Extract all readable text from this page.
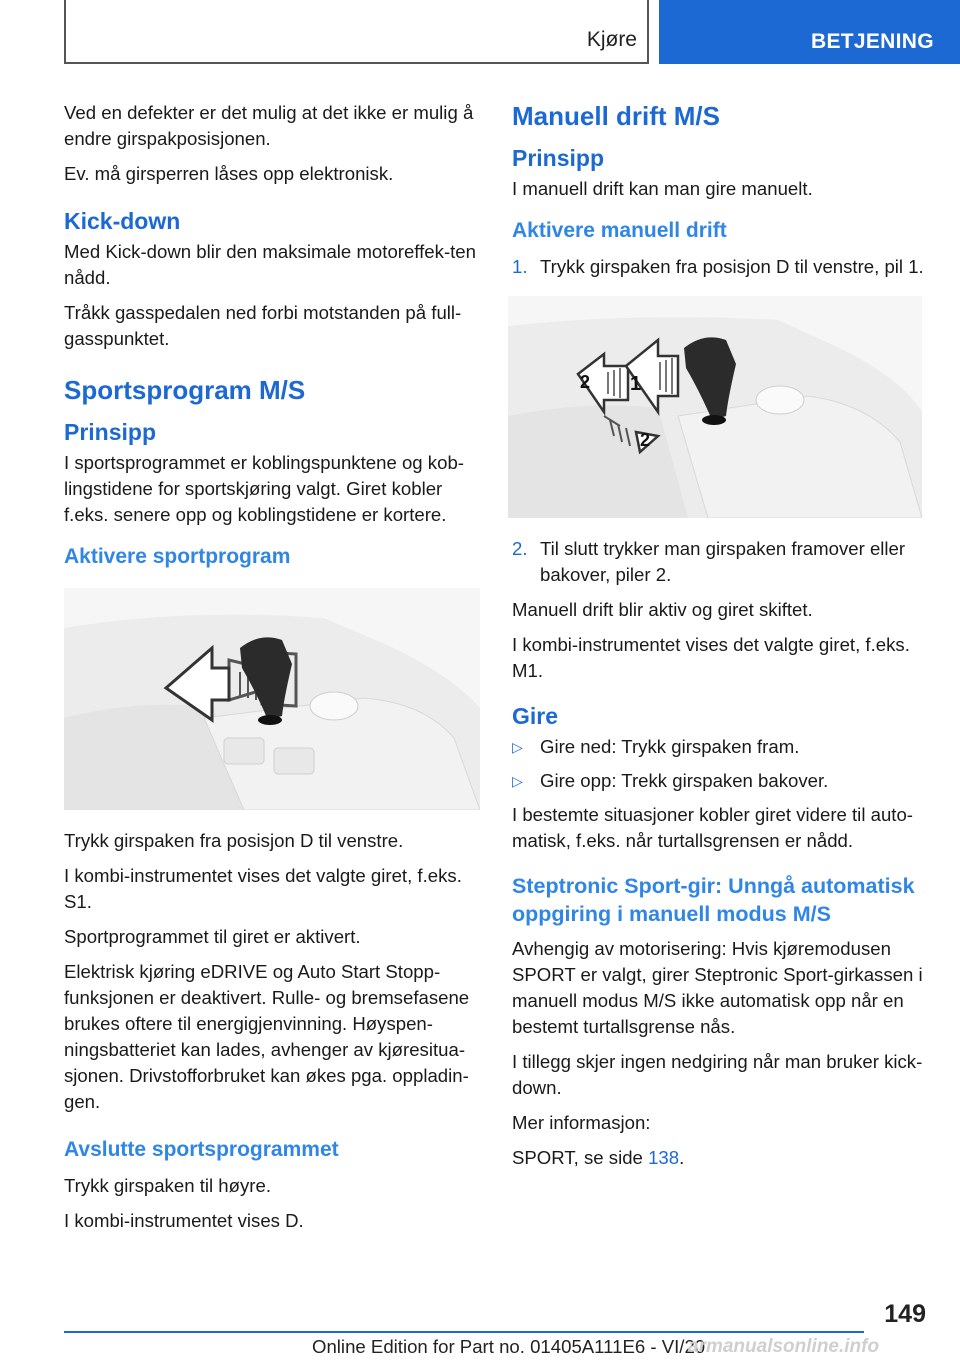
Kjøre	BETJENING

Ved en defekter er det mulig at det ikke er mulig å endre girspakposisjonen.

Ev. må girsperren låses opp elektronisk.

Kick-down

Med Kick-down blir den maksimale motoreffek‐ten nådd.

Tråkk gasspedalen ned forbi motstanden på full‐gasspunktet.

Sportsprogram M/S
Prinsipp

I sportsprogrammet er koblingspunktene og kob‐lingstidene for sportskjøring valgt. Giret kobler f.eks. senere opp og koblingstidene er kortere.

Aktivere sportprogram

Trykk girspaken fra posisjon D til venstre.

I kombi-instrumentet vises det valgte giret, f.eks. S1.

Sportprogrammet til giret er aktivert.

Elektrisk kjøring eDRIVE og Auto Start Stopp-funksjonen er deaktivert. Rulle- og bremsefasene brukes oftere til energigjenvinning. Høyspen‐ningsbatteriet kan lades, avhenger av kjøresitua‐sjonen. Drivstofforbruket kan økes pga. oppladin‐gen.

Avslutte sportsprogrammet

Trykk girspaken til høyre.

I kombi-instrumentet vises D.

Manuell drift M/S
Prinsipp

I manuell drift kan man gire manuelt.

Aktivere manuell drift
1. Trykk girspaken fra posisjon D til venstre, pil 1.
1
2
2
2. Til slutt trykker man girspaken framover eller bakover, piler 2.

Manuell drift blir aktiv og giret skiftet.

I kombi-instrumentet vises det valgte giret, f.eks. M1.

Gire
▷ Gire ned: Trykk girspaken fram.
▷ Gire opp: Trekk girspaken bakover.

I bestemte situasjoner kobler giret videre til auto‐matisk, f.eks. når turtallsgrensen er nådd.

Steptronic Sport-gir: Unngå automatisk oppgiring i manuell modus M/S

Avhengig av motorisering: Hvis kjøremodusen SPORT er valgt, girer Steptronic Sport-girkassen i manuell modus M/S ikke automatisk opp når en bestemt turtallsgrense nås.

I tillegg skjer ingen nedgiring når man bruker kick-down.

Mer informasjon:

SPORT, se side 138.

149
Online Edition for Part no. 01405A111E6 - VI/20
armanualsonline.info
